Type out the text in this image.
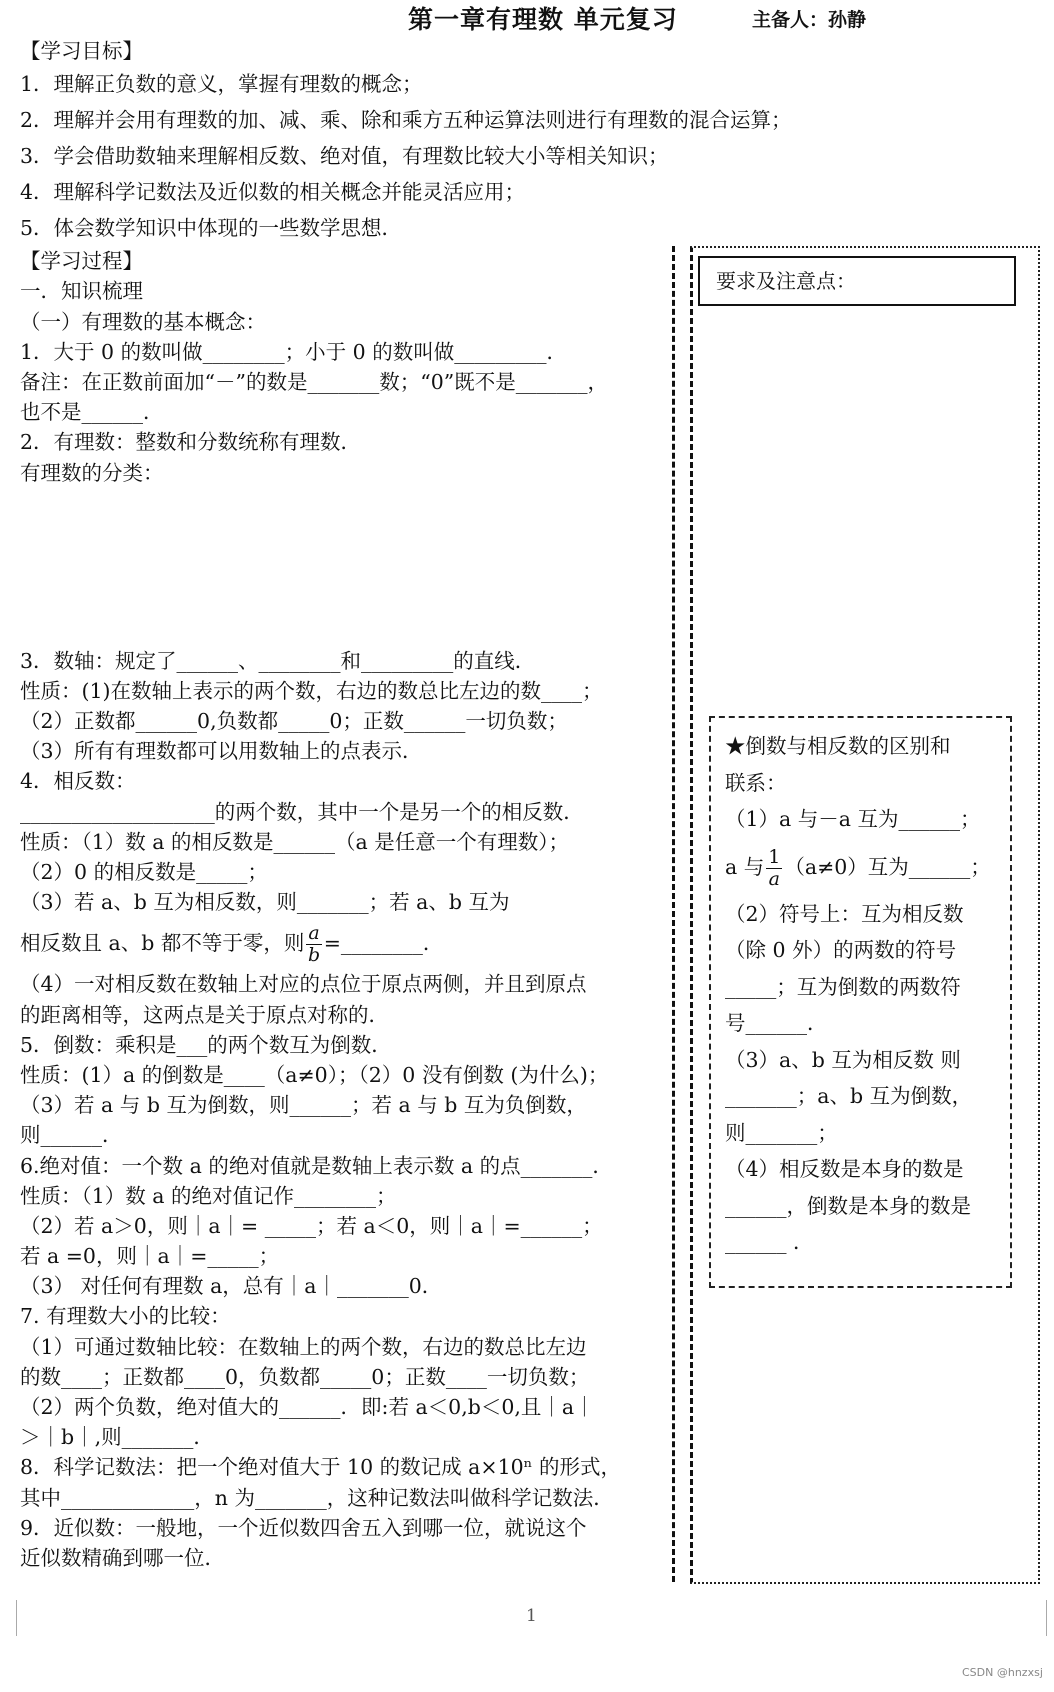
第一章有理数 单元复习	主备人：孙静
【学习目标】
1．理解正负数的意义，掌握有理数的概念；
2．理解并会用有理数的加、减、乘、除和乘方五种运算法则进行有理数的混合运算；
3．学会借助数轴来理解相反数、绝对值，有理数比较大小等相关知识；
4．理解科学记数法及近似数的相关概念并能灵活应用；
5．体会数学知识中体现的一些数学思想．
【学习过程】
一．知识梳理
（一）有理数的基本概念：
1．大于 0 的数叫做________；小于 0 的数叫做_________．
备注：在正数前面加“－”的数是_______数；“0”既不是_______，
也不是______．
2．有理数：整数和分数统称有理数．
有理数的分类：
3．数轴：规定了______、________和_________的直线．
性质：(1)在数轴上表示的两个数，右边的数总比左边的数____；
（2）正数都______0,负数都_____0；正数______一切负数；
（3）所有有理数都可以用数轴上的点表示．
4．相反数：
___________________的两个数，其中一个是另一个的相反数．
性质：（1）数 a 的相反数是______（a 是任意一个有理数）；
（2）0 的相反数是_____；
（3）若 a、b 互为相反数，则_______；若 a、b 互为
相反数且 a、b 都不等于零，则 $\frac{a}{b}$ =________．
（4）一对相反数在数轴上对应的点位于原点两侧，并且到原点
的距离相等，这两点是关于原点对称的．
5．倒数：乘积是___的两个数互为倒数．
性质：(1）a 的倒数是____（a≠0）；（2）0 没有倒数 (为什么)；
（3）若 a 与 b 互为倒数，则______；若 a 与 b 互为负倒数，
则______．
6.绝对值：一个数 a 的绝对值就是数轴上表示数 a 的点_______．
性质：（1）数 a 的绝对值记作________；
（2）若 a＞0，则｜a｜= _____；若 a＜0，则｜a｜=______；
若 a =0，则｜a｜=_____；
（3） 对任何有理数 a，总有｜a｜_______0．
7. 有理数大小的比较：
（1）可通过数轴比较：在数轴上的两个数，右边的数总比左边
的数____；正数都____0，负数都_____0；正数____一切负数；
（2）两个负数，绝对值大的______．即:若 a＜0,b＜0,且｜a｜
＞｜b｜,则_______．
8．科学记数法：把一个绝对值大于 10 的数记成 a×10ⁿ 的形式，
其中_____________，n 为_______，这种记数法叫做科学记数法．
9．近似数：一般地，一个近似数四舍五入到哪一位，就说这个
近似数精确到哪一位．
要求及注意点：
★倒数与相反数的区别和
联系：
（1）a 与－a 互为______；
a 与 $\frac{1}{a} (a\ne 0)$互为______；
（2）符号上：互为相反数
（除 0 外）的两数的符号
_____；互为倒数的两数符
号______．
（3）a、b 互为相反数 则
_______；a、b 互为倒数，
则_______；
（4）相反数是本身的数是
______，倒数是本身的数是
______ ．
1
CSDN @hnzxsj
